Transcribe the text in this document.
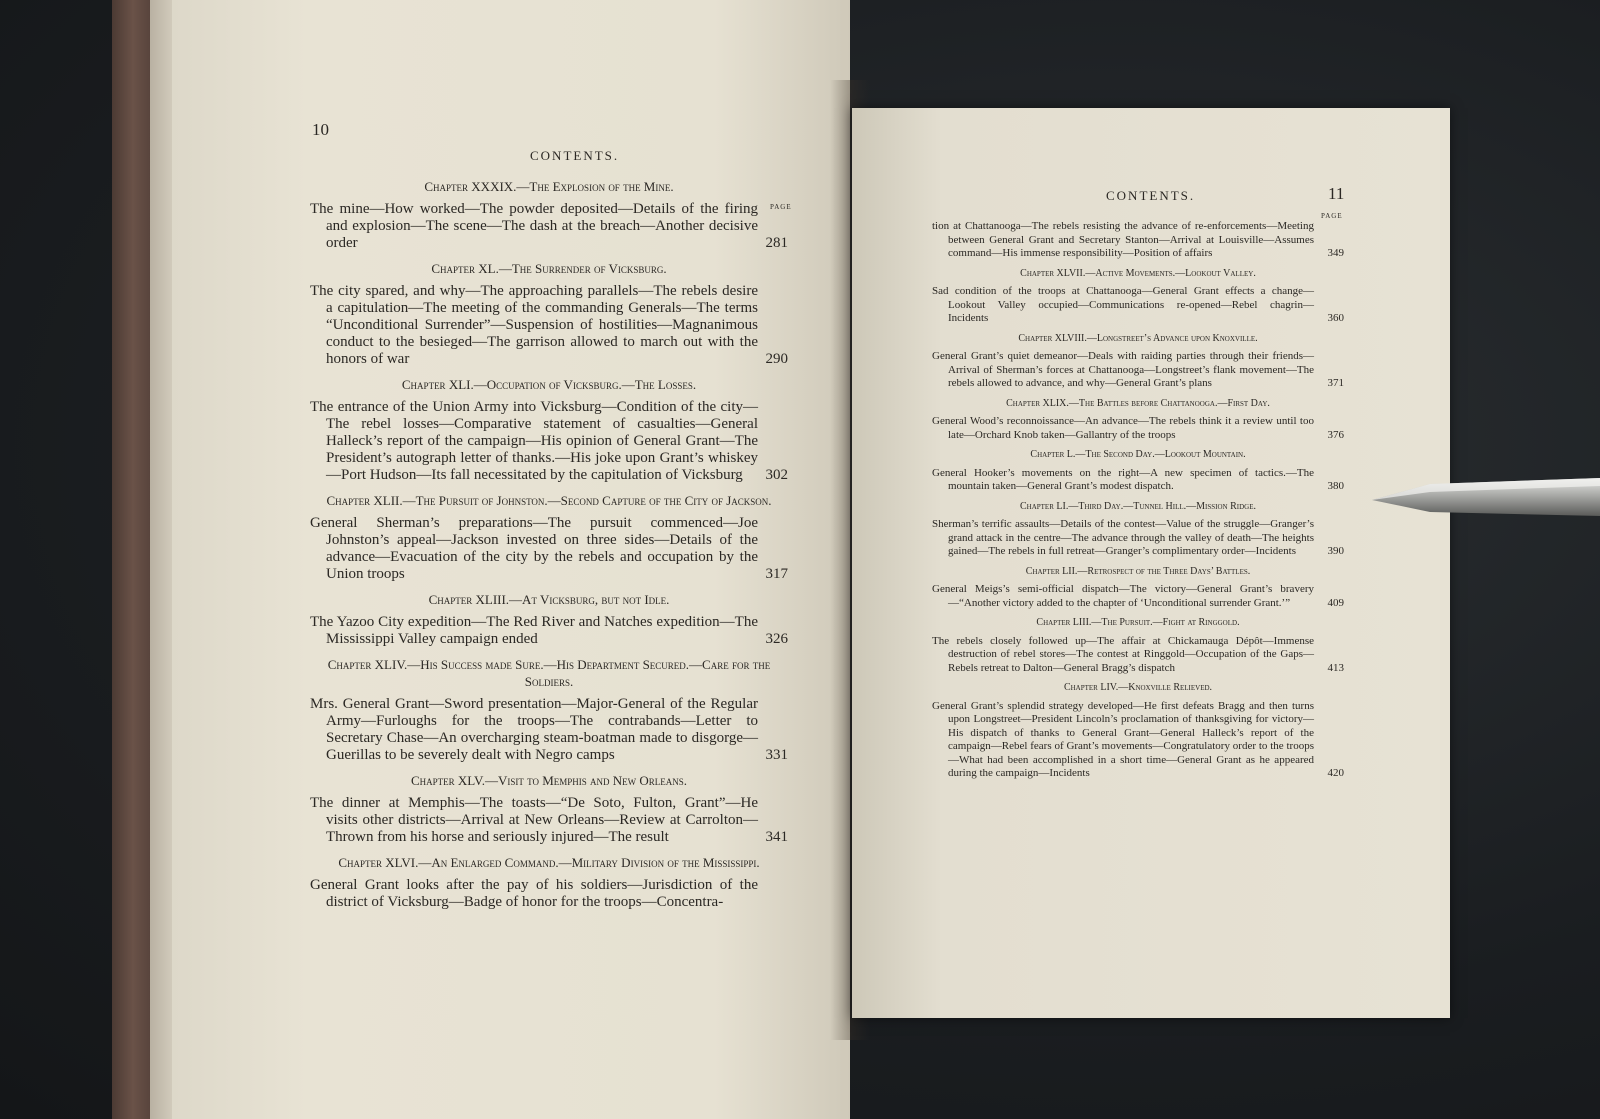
10
CONTENTS.
PAGE
Chapter XXXIX.—The Explosion of the Mine.
The mine—How worked—The powder deposited—Details of the firing and explosion—The scene—The dash at the breach—Another decisive order	281
Chapter XL.—The Surrender of Vicksburg.
The city spared, and why—The approaching parallels—The rebels desire a capitulation—The meeting of the commanding Generals—The terms “Unconditional Surrender”—Suspension of hostilities—Magnanimous conduct to the besieged—The garrison allowed to march out with the honors of war	290
Chapter XLI.—Occupation of Vicksburg.—The Losses.
The entrance of the Union Army into Vicksburg—Condition of the city—The rebel losses—Comparative statement of casualties—General Halleck’s report of the campaign—His opinion of General Grant—The President’s autograph letter of thanks.—His joke upon Grant’s whiskey—Port Hudson—Its fall necessitated by the capitulation of Vicksburg 302
Chapter XLII.—The Pursuit of Johnston.—Second Capture of the City of Jackson.
General Sherman’s preparations—The pursuit commenced—Joe Johnston’s appeal—Jackson invested on three sides—Details of the advance—Evacuation of the city by the rebels and occupation by the Union troops	317
Chapter XLIII.—At Vicksburg, but not Idle.
The Yazoo City expedition—The Red River and Natches expedition—The Mississippi Valley campaign ended	326
Chapter XLIV.—His Success made Sure.—His Department Secured.—Care for the Soldiers.
Mrs. General Grant—Sword presentation—Major-General of the Regular Army—Furloughs for the troops—The contrabands—Letter to Secretary Chase—An overcharging steam-boatman made to disgorge—Guerillas to be severely dealt with Negro camps	331
Chapter XLV.—Visit to Memphis and New Orleans.
The dinner at Memphis—The toasts—“De Soto, Fulton, Grant”—He visits other districts—Arrival at New Orleans—Review at Carrolton—Thrown from his horse and seriously injured—The result	341
Chapter XLVI.—An Enlarged Command.—Military Division of the Mississippi.
General Grant looks after the pay of his soldiers—Jurisdiction of the district of Vicksburg—Badge of honor for the troops—Concentra-
CONTENTS.	11
PAGE
tion at Chattanooga—The rebels resisting the advance of re-enforcements—Meeting between General Grant and Secretary Stanton—Arrival at Louisville—Assumes command—His immense responsibility—Position of affairs	349
Chapter XLVII.—Active Movements.—Lookout Valley.
Sad condition of the troops at Chattanooga—General Grant effects a change—Lookout Valley occupied—Communications re-opened—Rebel chagrin—Incidents	360
Chapter XLVIII.—Longstreet’s Advance upon Knoxville.
General Grant’s quiet demeanor—Deals with raiding parties through their friends—Arrival of Sherman’s forces at Chattanooga—Longstreet’s flank movement—The rebels allowed to advance, and why—General Grant’s plans	371
Chapter XLIX.—The Battles before Chattanooga.—First Day.
General Wood’s reconnoissance—An advance—The rebels think it a review until too late—Orchard Knob taken—Gallantry of the troops	376
Chapter L.—The Second Day.—Lookout Mountain.
General Hooker’s movements on the right—A new specimen of tactics.—The mountain taken—General Grant’s modest dispatch.	380
Chapter LI.—Third Day.—Tunnel Hill.—Mission Ridge.
Sherman’s terrific assaults—Details of the contest—Value of the struggle—Granger’s grand attack in the centre—The advance through the valley of death—The heights gained—The rebels in full retreat—Granger’s complimentary order—Incidents	390
Chapter LII.—Retrospect of the Three Days’ Battles.
General Meigs’s semi-official dispatch—The victory—General Grant’s bravery—“Another victory added to the chapter of ‘Unconditional surrender Grant.’”	409
Chapter LIII.—The Pursuit.—Fight at Ringgold.
The rebels closely followed up—The affair at Chickamauga Dépôt—Immense destruction of rebel stores—The contest at Ringgold—Occupation of the Gaps—Rebels retreat to Dalton—General Bragg’s dispatch	413
Chapter LIV.—Knoxville Relieved.
General Grant’s splendid strategy developed—He first defeats Bragg and then turns upon Longstreet—President Lincoln’s proclamation of thanksgiving for victory—His dispatch of thanks to General Grant—General Halleck’s report of the campaign—Rebel fears of Grant’s movements—Congratulatory order to the troops—What had been accomplished in a short time—General Grant as he appeared during the campaign—Incidents	420
